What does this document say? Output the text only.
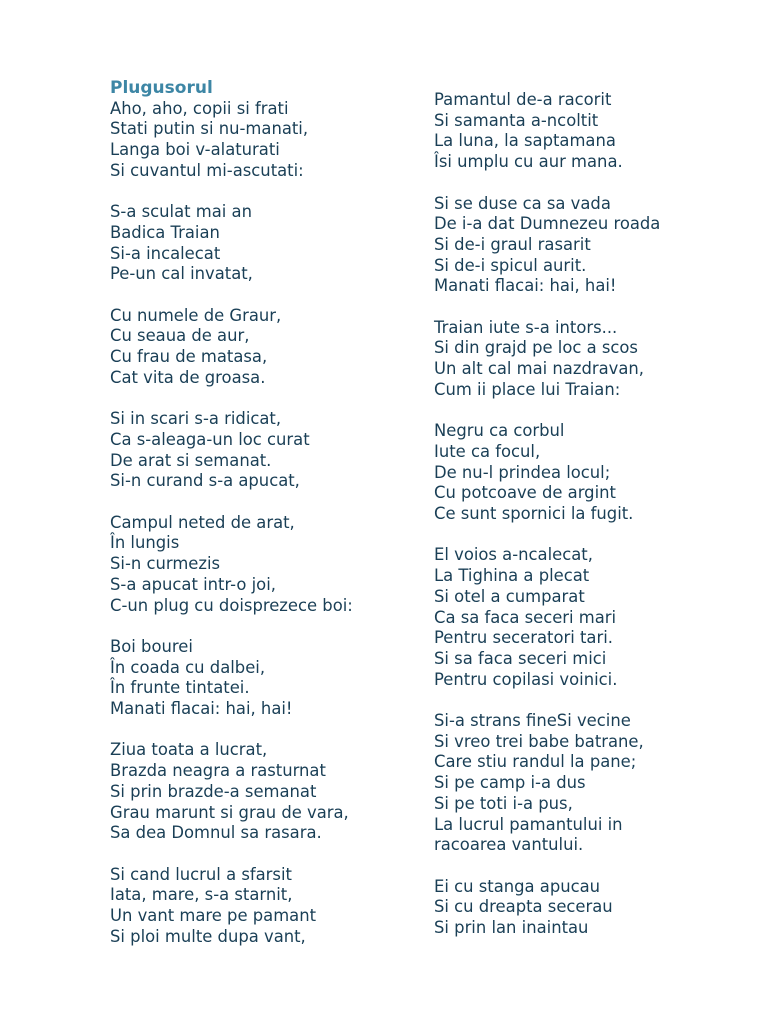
Plugusorul
Aho, aho, copii si frati
Stati putin si nu-manati,
Langa boi v-alaturati
Si cuvantul mi-ascutati:
S-a sculat mai an
Badica Traian
Si-a incalecat
Pe-un cal invatat,
Cu numele de Graur,
Cu seaua de aur,
Cu frau de matasa,
Cat vita de groasa.
Si in scari s-a ridicat,
Ca s-aleaga-un loc curat
De arat si semanat.
Si-n curand s-a apucat,
Campul neted de arat,
În lungis
Si-n curmezis
S-a apucat intr-o joi,
C-un plug cu doisprezece boi:
Boi bourei
În coada cu dalbei,
În frunte tintatei.
Manati flacai: hai, hai!
Ziua toata a lucrat,
Brazda neagra a rasturnat
Si prin brazde-a semanat
Grau marunt si grau de vara,
Sa dea Domnul sa rasara.
Si cand lucrul a sfarsit
Iata, mare, s-a starnit,
Un vant mare pe pamant
Si ploi multe dupa vant,
Pamantul de-a racorit
Si samanta a-ncoltit
La luna, la saptamana
Îsi umplu cu aur mana.
Si se duse ca sa vada
De i-a dat Dumnezeu roada
Si de-i graul rasarit
Si de-i spicul aurit.
Manati flacai: hai, hai!
Traian iute s-a intors...
Si din grajd pe loc a scos
Un alt cal mai nazdravan,
Cum ii place lui Traian:
Negru ca corbul
Iute ca focul,
De nu-l prindea locul;
Cu potcoave de argint
Ce sunt spornici la fugit.
El voios a-ncalecat,
La Tighina a plecat
Si otel a cumparat
Ca sa faca seceri mari
Pentru seceratori tari.
Si sa faca seceri mici
Pentru copilasi voinici.
Si-a strans fineSi vecine
Si vreo trei babe batrane,
Care stiu randul la pane;
Si pe camp i-a dus
Si pe toti i-a pus,
La lucrul pamantului in
racoarea vantului.
Ei cu stanga apucau
Si cu dreapta secerau
Si prin lan inaintau
